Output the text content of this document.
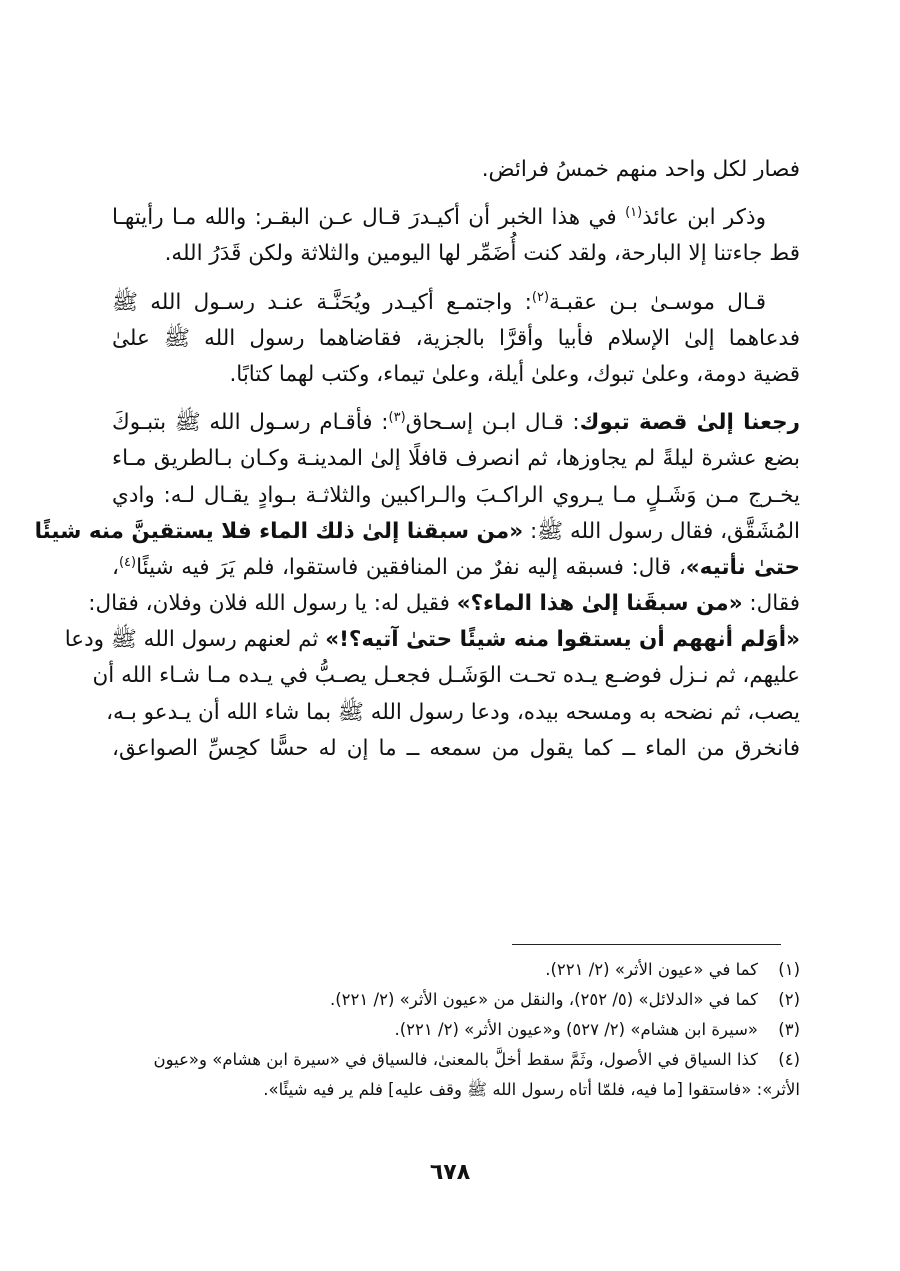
فصار لكل واحد منهم خمسُ فرائض.
وذكر ابن عائذ$^{(١)}$ في هذا الخبر أن أكيـدرَ قـال عـن البقـر: والله مـا رأيتهـا
قط جاءتنا إلا البارحة، ولقد كنت أُضَمِّر لها اليومين والثلاثة ولكن قَدَرُ الله.
قـال موسـىٰ بـن عقبـة$^{(٢)}$: واجتمـع أكيـدر ويُحَنَّـة عنـد رسـول الله ﷺ
فدعاهما إلىٰ الإسلام فأبيا وأقرَّا بالجزية، فقاضاهما رسول الله ﷺ علىٰ
قضية دومة، وعلىٰ تبوك، وعلىٰ أيلة، وعلىٰ تيماء، وكتب لهما كتابًا.
رجعنا إلىٰ قصة تبوك: قـال ابـن إسـحاق$^{(٣)}$: فأقـام رسـول الله ﷺ بتبـوكَ
بضع عشرة ليلةً لم يجاوزها، ثم انصرف قافلًا إلىٰ المدينـة وكـان بـالطريق مـاء
يخـرج مـن وَشَـلٍ مـا يـروي الراكـبَ والـراكبين والثلاثـة بـوادٍ يقـال لـه: وادي
المُشَقَّق، فقال رسول الله ﷺ: «من سبقنا إلىٰ ذلك الماء فلا يستقينَّ منه شيئًا
حتىٰ نأتيه»، قال: فسبقه إليه نفرٌ من المنافقين فاستقوا، فلم يَرَ فيه شيئًا$^{(٤)}$،
فقال: «من سبقَنا إلىٰ هذا الماء؟» فقيل له: يا رسول الله فلان وفلان، فقال:
«أوَلم أنههم أن يستقوا منه شيئًا حتىٰ آتيه؟!» ثم لعنهم رسول الله ﷺ ودعا
عليهم، ثم نـزل فوضـع يـده تحـت الوَشَـل فجعـل يصـبُّ في يـده مـا شـاء الله أن
يصب، ثم نضحه به ومسحه بيده، ودعا رسول الله ﷺ بما شاء الله أن يـدعو بـه،
فانخرق من الماء ــ كما يقول من سمعه ــ ما إن له حسًّا كحِسِّ الصواعق،
(١)كما في «عيون الأثر» (٢/ ٢٢١).
(٢)كما في «الدلائل» (٥/ ٢٥٢)، والنقل من «عيون الأثر» (٢/ ٢٢١).
(٣)«سيرة ابن هشام» (٢/ ٥٢٧) و«عيون الأثر» (٢/ ٢٢١).
(٤)كذا السياق في الأصول، وثَمَّ سقط أخلَّ بالمعنىٰ، فالسياق في «سيرة ابن هشام» و«عيون
الأثر»: «فاستقوا [ما فيه، فلمّا أتاه رسول الله ﷺ وقف عليه] فلم ير فيه شيئًا».
٦٧٨
